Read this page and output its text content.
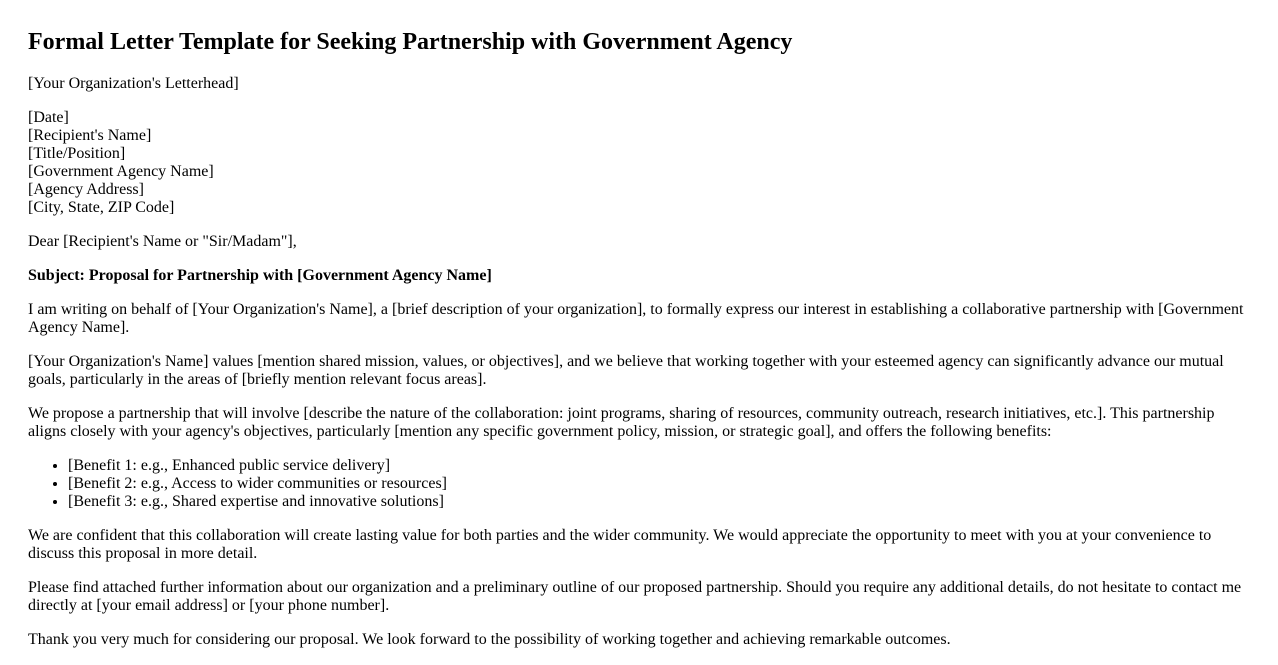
Formal Letter Template for Seeking Partnership with Government Agency

[Your Organization's Letterhead]

[Date]
[Recipient's Name]
[Title/Position]
[Government Agency Name]
[Agency Address]
[City, State, ZIP Code]

Dear [Recipient's Name or "Sir/Madam"],

Subject: Proposal for Partnership with [Government Agency Name]

I am writing on behalf of [Your Organization's Name], a [brief description of your organization], to formally express our interest in establishing a collaborative partnership with [Government Agency Name].

[Your Organization's Name] values [mention shared mission, values, or objectives], and we believe that working together with your esteemed agency can significantly advance our mutual goals, particularly in the areas of [briefly mention relevant focus areas].

We propose a partnership that will involve [describe the nature of the collaboration: joint programs, sharing of resources, community outreach, research initiatives, etc.]. This partnership aligns closely with your agency's objectives, particularly [mention any specific government policy, mission, or strategic goal], and offers the following benefits:

• [Benefit 1: e.g., Enhanced public service delivery]
• [Benefit 2: e.g., Access to wider communities or resources]
• [Benefit 3: e.g., Shared expertise and innovative solutions]

We are confident that this collaboration will create lasting value for both parties and the wider community. We would appreciate the opportunity to meet with you at your convenience to discuss this proposal in more detail.

Please find attached further information about our organization and a preliminary outline of our proposed partnership. Should you require any additional details, do not hesitate to contact me directly at [your email address] or [your phone number].

Thank you very much for considering our proposal. We look forward to the possibility of working together and achieving remarkable outcomes.
